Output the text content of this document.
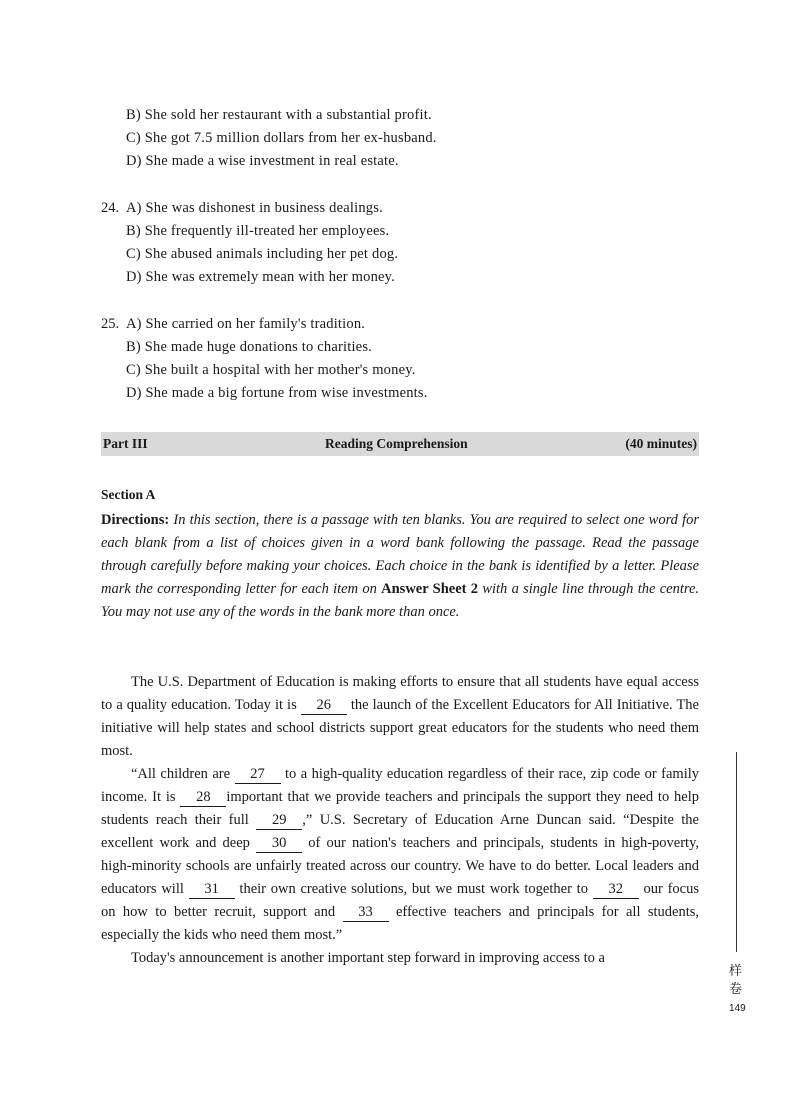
B) She sold her restaurant with a substantial profit.
C) She got 7.5 million dollars from her ex-husband.
D) She made a wise investment in real estate.
24. A) She was dishonest in business dealings.
B) She frequently ill-treated her employees.
C) She abused animals including her pet dog.
D) She was extremely mean with her money.
25. A) She carried on her family's tradition.
B) She made huge donations to charities.
C) She built a hospital with her mother's money.
D) She made a big fortune from wise investments.
Part III	Reading Comprehension	(40 minutes)
Section A
Directions: In this section, there is a passage with ten blanks. You are required to select one word for each blank from a list of choices given in a word bank following the passage. Read the passage through carefully before making your choices. Each choice in the bank is identified by a letter. Please mark the corresponding letter for each item on Answer Sheet 2 with a single line through the centre. You may not use any of the words in the bank more than once.

The U.S. Department of Education is making efforts to ensure that all students have equal access to a quality education. Today it is 26 the launch of the Excellent Educators for All Initiative. The initiative will help states and school districts support great educators for the students who need them most.

“All children are 27 to a high-quality education regardless of their race, zip code or family income. It is 28 important that we provide teachers and principals the support they need to help students reach their full 29 ,” U.S. Secretary of Education Arne Duncan said. “Despite the excellent work and deep 30 of our nation's teachers and principals, students in high-poverty, high-minority schools are unfairly treated across our country. We have to do better. Local leaders and educators will 31 their own creative solutions, but we must work together to 32 our focus on how to better recruit, support and 33 effective teachers and principals for all students, especially the kids who need them most.”

Today's announcement is another important step forward in improving access to a

样
卷
149
